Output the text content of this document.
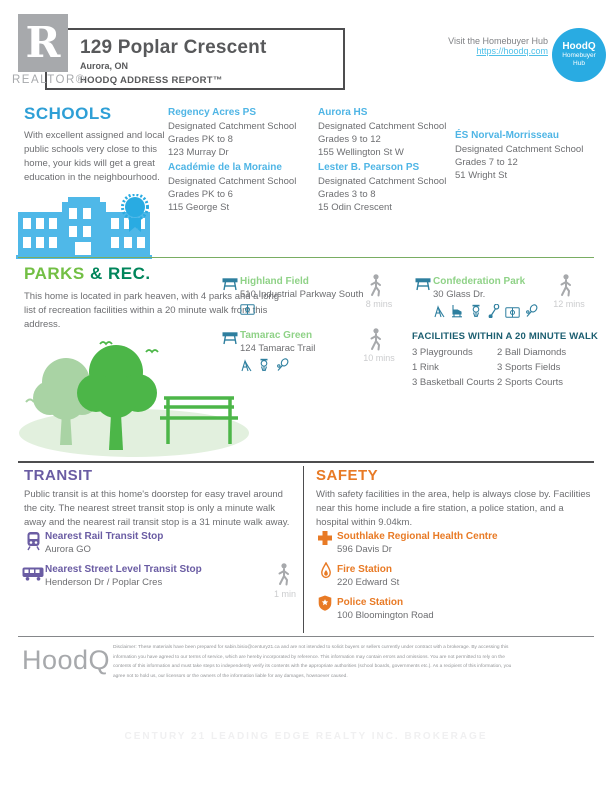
129 Poplar Crescent
Aurora, ON
HOODQ ADDRESS REPORT™
R
REALTOR®
Visit the Homebuyer Hub
https://hoodq.com	HoodQ
Homebuyer
Hub
SCHOOLS
With excellent assigned and local public schools very close to this home, your kids will get a great education in the neighbourhood.
Regency Acres PS
Designated Catchment School
Grades PK to 8
123 Murray Dr
Académie de la Moraine
Designated Catchment School
Grades PK to 6
115 George St
Aurora HS
Designated Catchment School
Grades 9 to 12
155 Wellington St W
Lester B. Pearson PS
Designated Catchment School
Grades 3 to 8
15 Odin Crescent
ÉS Norval-Morrisseau
Designated Catchment School
Grades 7 to 12
51 Wright St
PARKS & REC.
This home is located in park heaven, with 4 parks and a long list of recreation facilities within a 20 minute walk from this address.
Highland Field
510 Industrial Parkway South
8 mins
Tamarac Green
124 Tamarac Trail
10 mins
Confederation Park
30 Glass Dr.
12 mins
FACILITIES WITHIN A 20 MINUTE WALK
3 Playgrounds
1 Rink
3 Basketball Courts
2 Ball Diamonds
3 Sports Fields
2 Sports Courts
TRANSIT
Public transit is at this home's doorstep for easy travel around the city. The nearest street transit stop is only a minute walk away and the nearest rail transit stop is a 31 minute walk away.
Nearest Rail Transit Stop
Aurora GO
Nearest Street Level Transit Stop
Henderson Dr / Poplar Cres
1 min
SAFETY
With safety facilities in the area, help is always close by. Facilities near this home include a fire station, a police station, and a hospital within 9.04km.
Southlake Regional Health Centre
596 Davis Dr
Fire Station
220 Edward St
Police Station
100 Bloomington Road
HoodQ Disclaimer: These materials have been prepared for sabin.bisio@century21.ca and are not intended to solicit buyers or sellers currently under contract with a brokerage. By accessing this information you have agreed to our terms of service, which are hereby incorporated by reference. This information may contain errors and omissions. You are not permitted to rely on the contents of this information and must take steps to independently verify its contents with the appropriate authorities (school boards, governments etc.). As a recipient of this information, you agree not to hold us, our licensors or the owners of the information liable for any damages, howsoever caused.
CENTURY 21 LEADING EDGE REALTY INC. BROKERAGE
